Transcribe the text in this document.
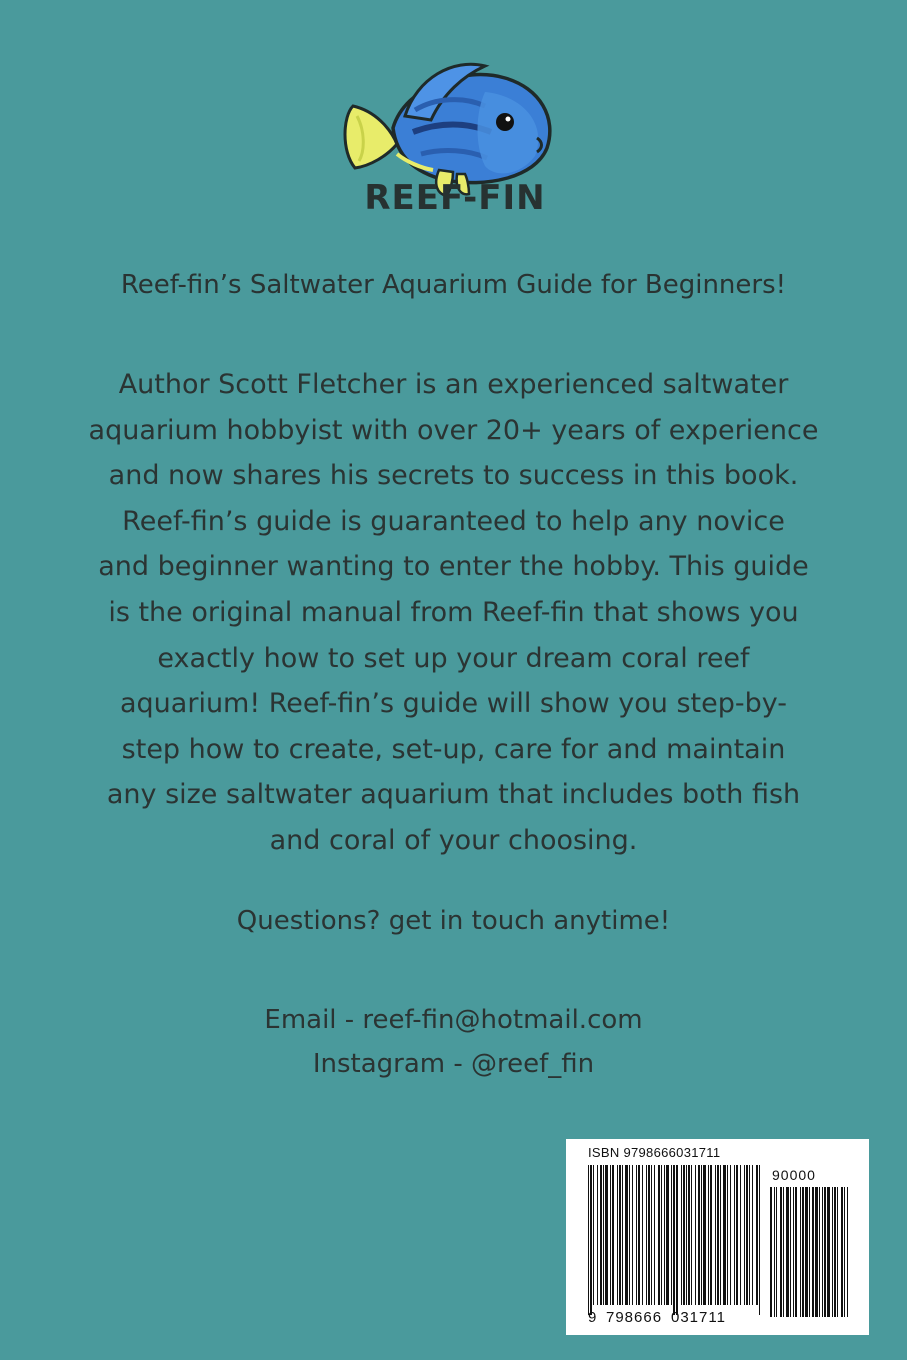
REEF-FIN
Reef-fin’s Saltwater Aquarium Guide for Beginners!
Author Scott Fletcher is an experienced saltwater
aquarium hobbyist with over 20+ years of experience
and now shares his secrets to success in this book.
Reef-fin’s guide is guaranteed to help any novice
and beginner wanting to enter the hobby. This guide
is the original manual from Reef-fin that shows you
exactly how to set up your dream coral reef
aquarium! Reef-fin’s guide will show you step-by-
step how to create, set-up, care for and maintain
any size saltwater aquarium that includes both fish
and coral of your choosing.
Questions? get in touch anytime!
Email - reef-fin@hotmail.com
Instagram - @reef_fin
ISBN 9798666031711
90000
9 798666 031711
